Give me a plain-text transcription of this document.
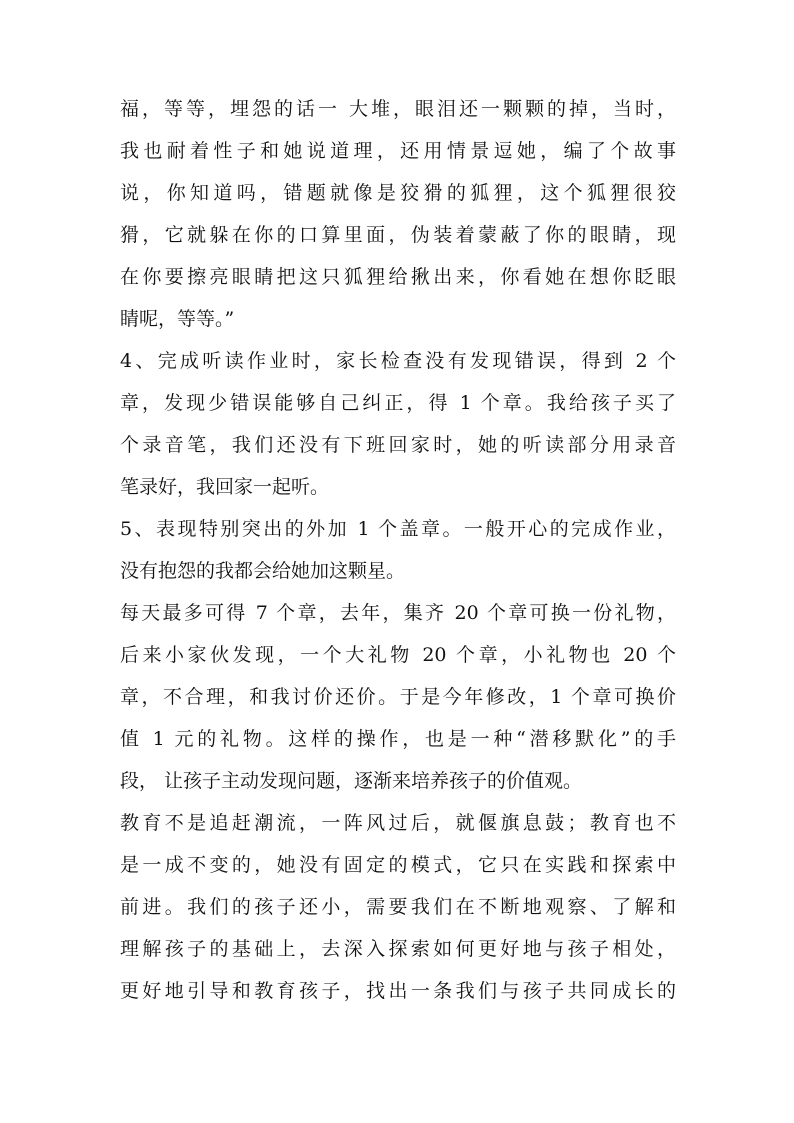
福，等等，埋怨的话一 大堆，眼泪还一颗颗的掉，当时，
我也耐着性子和她说道理，还用情景逗她，编了个故事
说，你知道吗，错题就像是狡猾的狐狸，这个狐狸很狡
猾，它就躲在你的口算里面，伪装着蒙蔽了你的眼睛，现
在你要擦亮眼睛把这只狐狸给揪出来，你看她在想你眨眼
睛呢，等等。”
4、完成听读作业时，家长检查没有发现错误，得到 2 个
章，发现少错误能够自己纠正，得 1 个章。我给孩子买了
个录音笔，我们还没有下班回家时，她的听读部分用录音
笔录好，我回家一起听。
5、表现特别突出的外加 1 个盖章。一般开心的完成作业，
没有抱怨的我都会给她加这颗星。
每天最多可得 7 个章，去年，集齐 20 个章可换一份礼物，
后来小家伙发现，一个大礼物 20 个章，小礼物也 20 个
章，不合理，和我讨价还价。于是今年修改，1 个章可换价
值 1 元的礼物。这样的操作，也是一种“潜移默化”的手
段， 让孩子主动发现问题，逐渐来培养孩子的价值观。
教育不是追赶潮流，一阵风过后，就偃旗息鼓；教育也不
是一成不变的，她没有固定的模式，它只在实践和探索中
前进。我们的孩子还小，需要我们在不断地观察、了解和
理解孩子的基础上，去深入探索如何更好地与孩子相处，
更好地引导和教育孩子，找出一条我们与孩子共同成长的
